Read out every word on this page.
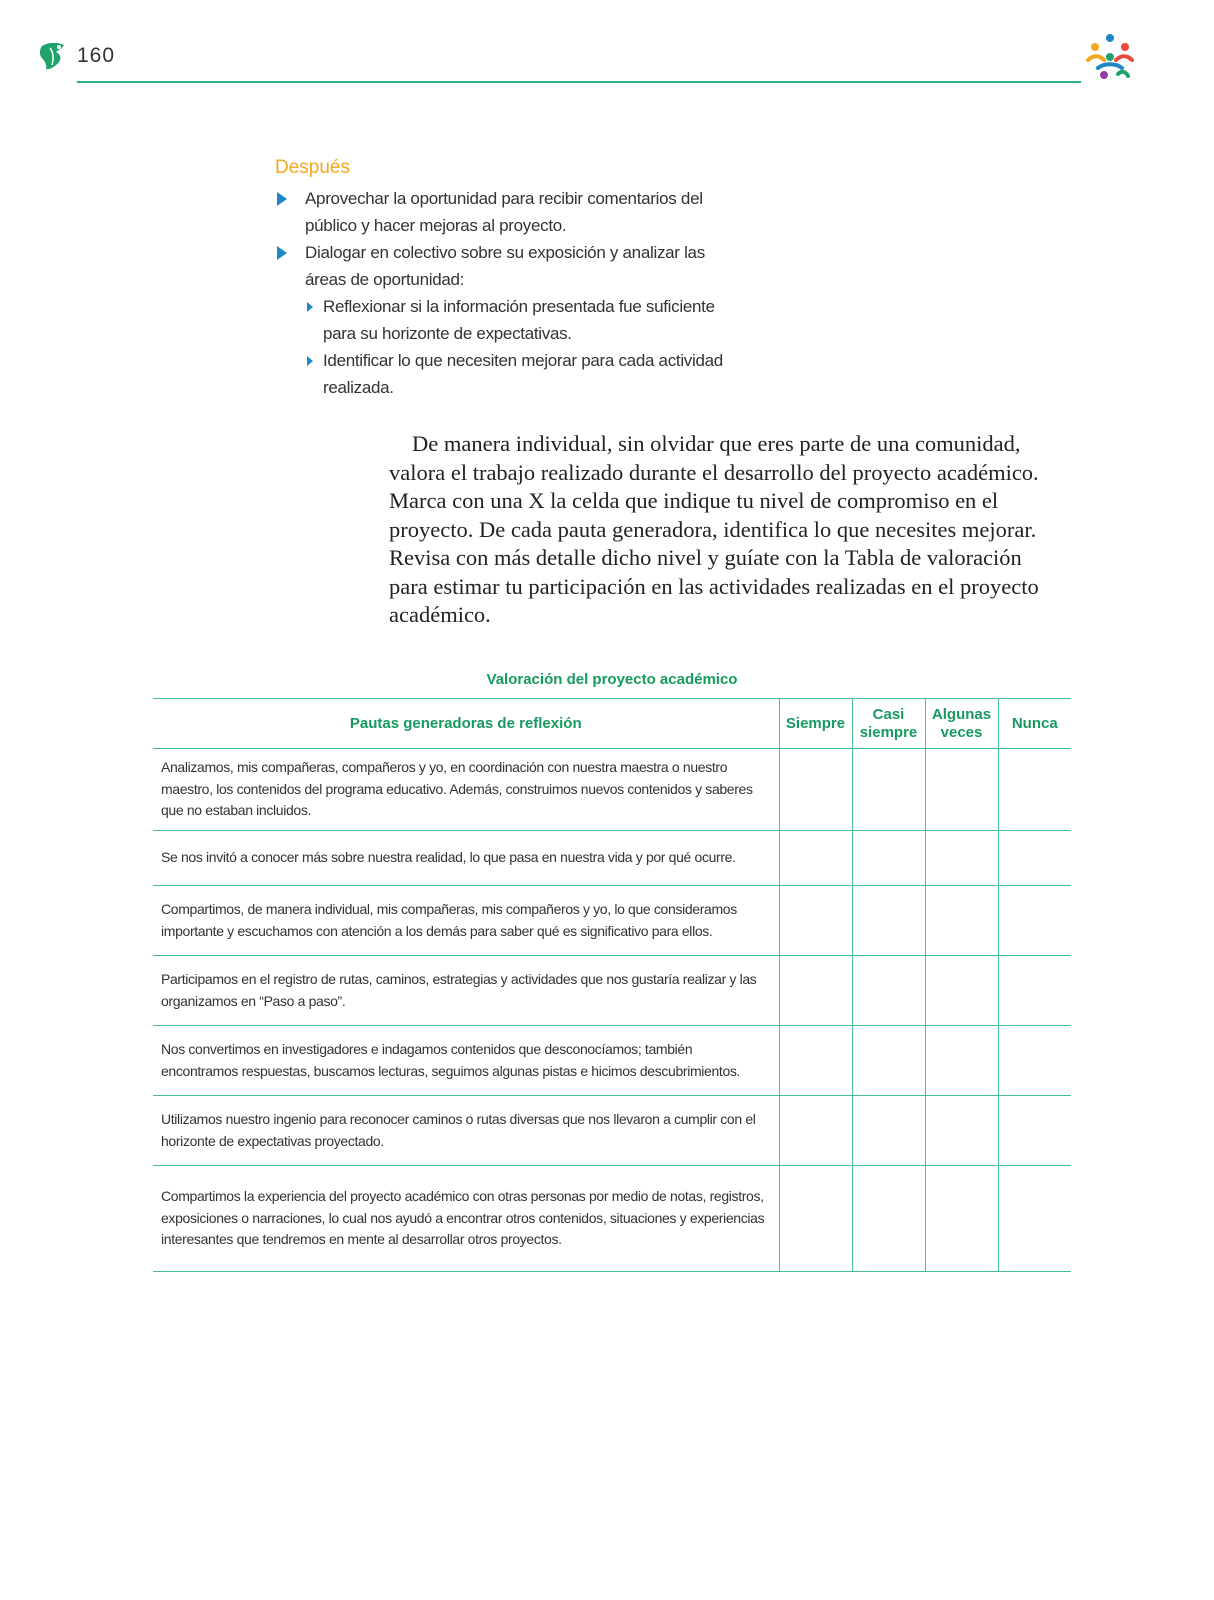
160
Después
Aprovechar la oportunidad para recibir comentarios del público y hacer mejoras al proyecto.
Dialogar en colectivo sobre su exposición y analizar las áreas de oportunidad:
Reflexionar si la información presentada fue suficiente para su horizonte de expectativas.
Identificar lo que necesiten mejorar para cada actividad realizada.

De manera individual, sin olvidar que eres parte de una comunidad, valora el trabajo realizado durante el desarrollo del proyecto académico. Marca con una X la celda que indique tu nivel de compromiso en el proyecto. De cada pauta generadora, identifica lo que necesites mejorar. Revisa con más detalle dicho nivel y guíate con la Tabla de valoración para estimar tu participación en las actividades realizadas en el proyecto académico.

Valoración del proyecto académico
Pautas generadoras de reflexión	Siempre	Casi siempre	Algunas veces	Nunca
Analizamos, mis compañeras, compañeros y yo, en coordinación con nuestra maestra o nuestro maestro, los contenidos del programa educativo. Además, construimos nuevos contenidos y saberes que no estaban incluidos.				
Se nos invitó a conocer más sobre nuestra realidad, lo que pasa en nuestra vida y por qué ocurre.				
Compartimos, de manera individual, mis compañeras, mis compañeros y yo, lo que consideramos importante y escuchamos con atención a los demás para saber qué es significativo para ellos.				
Participamos en el registro de rutas, caminos, estrategias y actividades que nos gustaría realizar y las organizamos en “Paso a paso”.				
Nos convertimos en investigadores e indagamos contenidos que desconocíamos; también encontramos respuestas, buscamos lecturas, seguimos algunas pistas e hicimos descubrimientos.				
Utilizamos nuestro ingenio para reconocer caminos o rutas diversas que nos llevaron a cumplir con el horizonte de expectativas proyectado.				
Compartimos la experiencia del proyecto académico con otras personas por medio de notas, registros, exposiciones o narraciones, lo cual nos ayudó a encontrar otros contenidos, situaciones y experiencias interesantes que tendremos en mente al desarrollar otros proyectos.				
